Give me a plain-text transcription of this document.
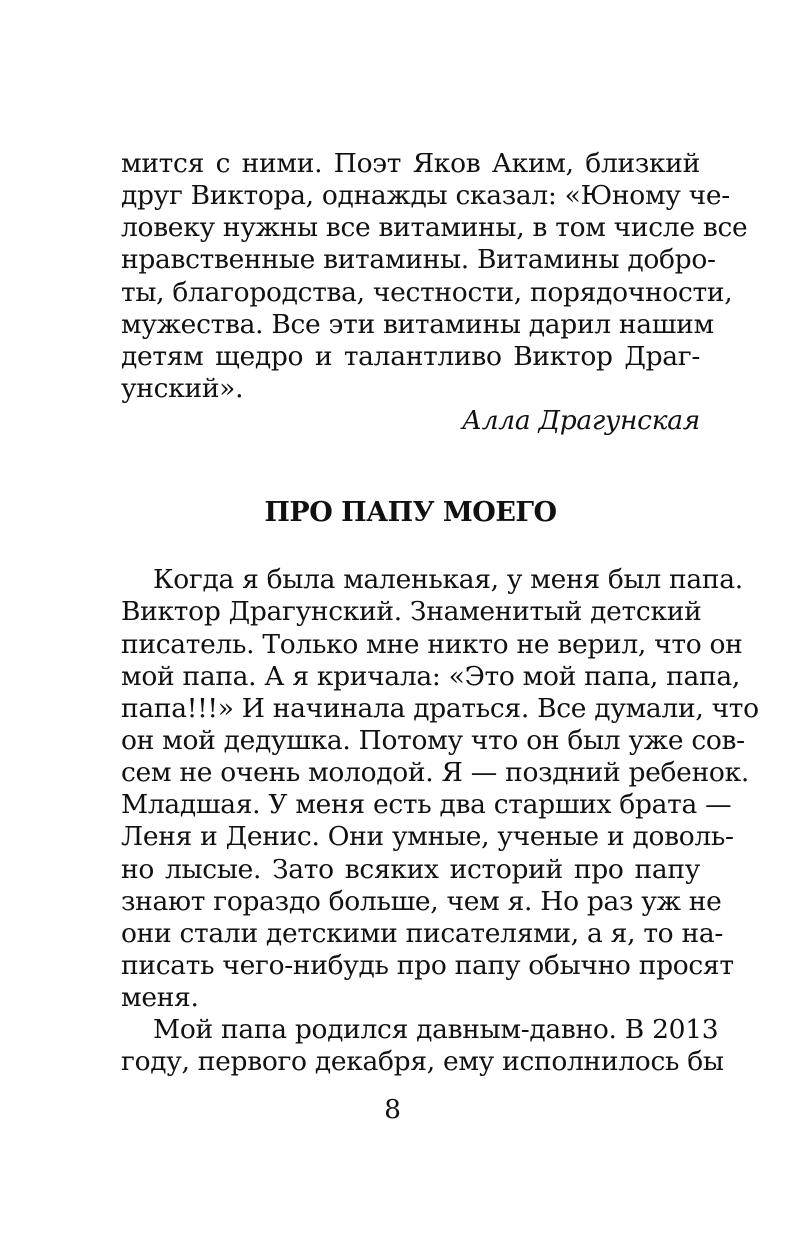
мится с ними. Поэт Яков Аким, близкий
друг Виктора, однажды сказал: «Юному че-
ловеку нужны все витамины, в том числе все
нравственные витамины. Витамины добро-
ты, благородства, честности, порядочности,
мужества. Все эти витамины дарил нашим
детям щедро и талантливо Виктор Драг-
унский».
Алла Драгунская
ПРО ПАПУ МОЕГО
Когда я была маленькая, у меня был папа.
Виктор Драгунский. Знаменитый детский
писатель. Только мне никто не верил, что он
мой папа. А я кричала: «Это мой папа, папа,
папа!!!» И начинала драться. Все думали, что
он мой дедушка. Потому что он был уже сов-
сем не очень молодой. Я — поздний ребенок.
Младшая. У меня есть два старших брата —
Леня и Денис. Они умные, ученые и доволь-
но лысые. Зато всяких историй про папу
знают гораздо больше, чем я. Но раз уж не
они стали детскими писателями, а я, то на-
писать чего-нибудь про папу обычно просят
меня.
Мой папа родился давным-давно. В 2013
году, первого декабря, ему исполнилось бы
8
